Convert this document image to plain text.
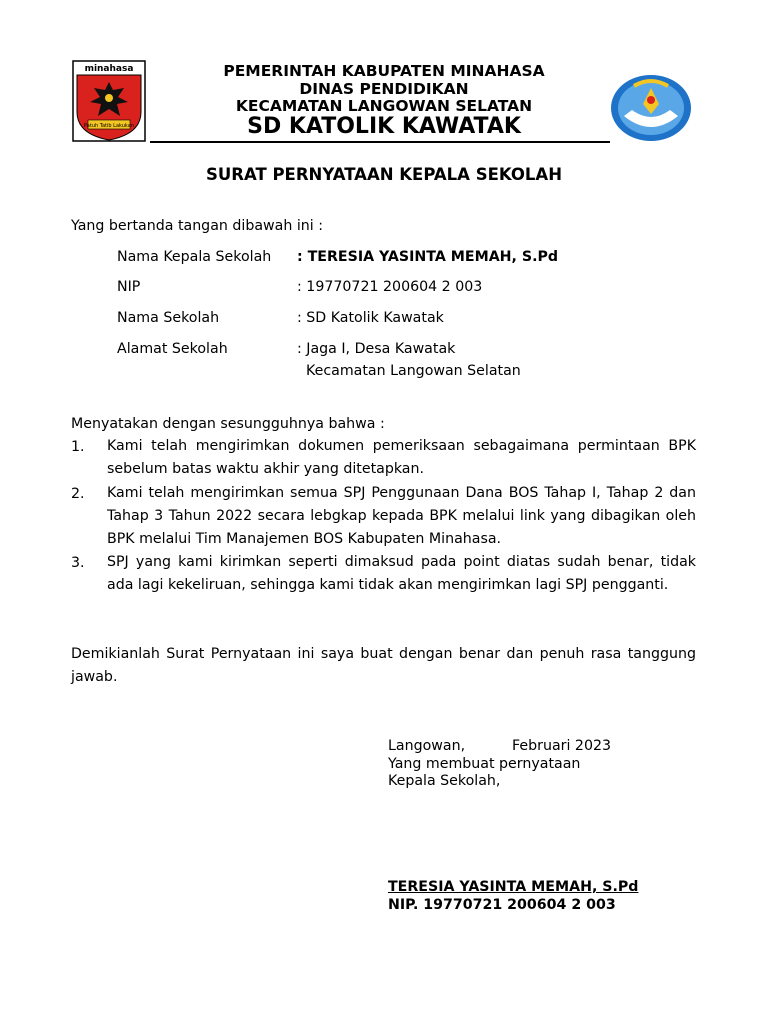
minahasa
Patuh Tatib Lakukan
PEMERINTAH KABUPATEN MINAHASA
DINAS PENDIDIKAN
KECAMATAN LANGOWAN SELATAN
SD KATOLIK KAWATAK
SURAT PERNYATAAN KEPALA SEKOLAH
Yang bertanda tangan dibawah ini :
Nama Kepala Sekolah : TERESIA YASINTA MEMAH, S.Pd
NIP	: 19770721 200604 2 003
Nama Sekolah	: SD Katolik Kawatak
Alamat Sekolah	: Jaga I, Desa Kawatak
Kecamatan Langowan Selatan
Menyatakan dengan sesungguhnya bahwa :
1. Kami telah mengirimkan dokumen pemeriksaan sebagaimana permintaan BPK sebelum batas waktu akhir yang ditetapkan.
2. Kami telah mengirimkan semua SPJ Penggunaan Dana BOS Tahap I, Tahap 2 dan Tahap 3 Tahun 2022 secara lebgkap kepada BPK melalui link yang dibagikan oleh BPK melalui Tim Manajemen BOS Kabupaten Minahasa.
3. SPJ yang kami kirimkan seperti dimaksud pada point diatas sudah benar, tidak ada lagi kekeliruan, sehingga kami tidak akan mengirimkan lagi SPJ pengganti.
Demikianlah Surat Pernyataan ini saya buat dengan benar dan penuh rasa tanggung jawab.
Langowan,	Februari 2023
Yang membuat pernyataan
Kepala Sekolah,
TERESIA YASINTA MEMAH, S.Pd
NIP. 19770721 200604 2 003
